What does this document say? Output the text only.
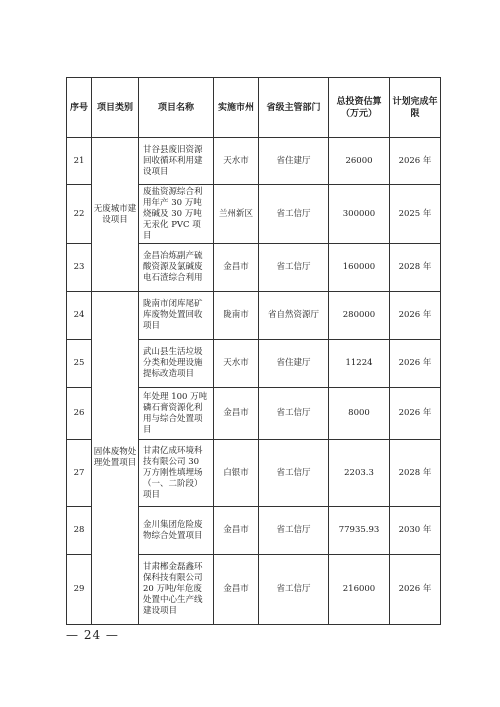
序号	项目类别	项目名称	实施市州	省级主管部门	总投资估算（万元）	计划完成年限
21	无废城市建设项目	甘谷县废旧资源回收循环利用建设项目	天水市	省住建厅	26000	2026 年
22		废盐资源综合利用年产 30 万吨烧碱及 30 万吨无汞化 PVC 项目	兰州新区	省工信厅	300000	2025 年
23		金昌冶炼副产硫酸资源及氯碱废电石渣综合利用	金昌市	省工信厅	160000	2028 年
24	固体废物处理处置项目	陇南市闭库尾矿库废物处置回收项目	陇南市	省自然资源厅	280000	2026 年
25		武山县生活垃圾分类和处理设施提标改造项目	天水市	省住建厅	11224	2026 年
26		年处理 100 万吨磷石膏资源化利用与综合处置项目	金昌市	省工信厅	8000	2026 年
27		甘肃亿成环境科技有限公司 30 万方刚性填埋场（一、二阶段）项目	白银市	省工信厅	2203.3	2028 年
28		金川集团危险废物综合处置项目	金昌市	省工信厅	77935.93	2030 年
29		甘肃郴金磊鑫环保科技有限公司 20 万吨/年危废处置中心生产线建设项目	金昌市	省工信厅	216000	2026 年
— 24 —
